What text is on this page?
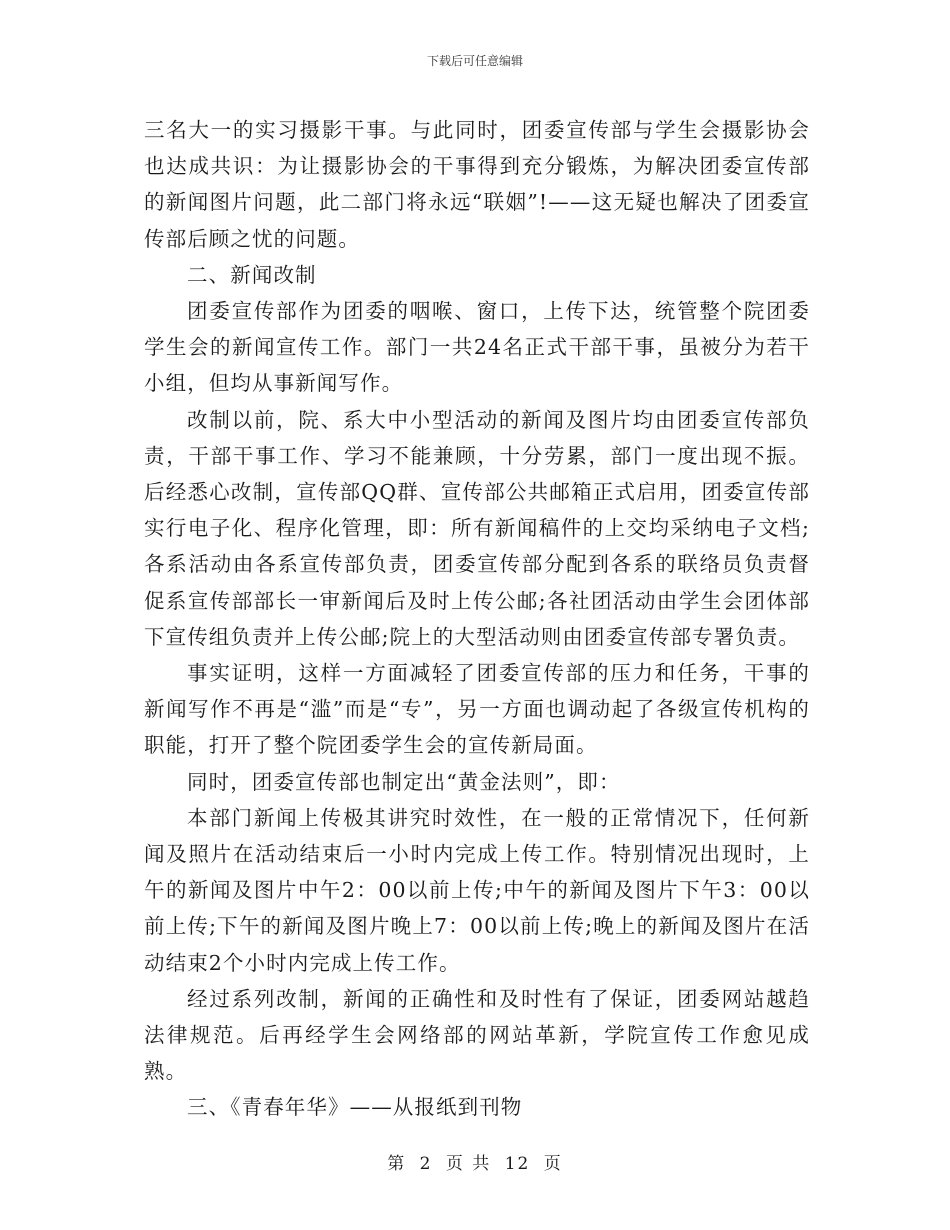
下载后可任意编辑

三名大一的实习摄影干事。与此同时，团委宣传部与学生会摄影协会也达成共识：为让摄影协会的干事得到充分锻炼，为解决团委宣传部的新闻图片问题，此二部门将永远“联姻”!——这无疑也解决了团委宣传部后顾之忧的问题。

二、新闻改制

团委宣传部作为团委的咽喉、窗口，上传下达，统管整个院团委学生会的新闻宣传工作。部门一共24名正式干部干事，虽被分为若干小组，但均从事新闻写作。

改制以前，院、系大中小型活动的新闻及图片均由团委宣传部负责，干部干事工作、学习不能兼顾，十分劳累，部门一度出现不振。后经悉心改制，宣传部QQ群、宣传部公共邮箱正式启用，团委宣传部实行电子化、程序化管理，即：所有新闻稿件的上交均采纳电子文档;各系活动由各系宣传部负责，团委宣传部分配到各系的联络员负责督促系宣传部部长一审新闻后及时上传公邮;各社团活动由学生会团体部下宣传组负责并上传公邮;院上的大型活动则由团委宣传部专署负责。

事实证明，这样一方面减轻了团委宣传部的压力和任务，干事的新闻写作不再是“滥”而是“专”，另一方面也调动起了各级宣传机构的职能，打开了整个院团委学生会的宣传新局面。

同时，团委宣传部也制定出“黄金法则”，即：

本部门新闻上传极其讲究时效性，在一般的正常情况下，任何新闻及照片在活动结束后一小时内完成上传工作。特别情况出现时，上午的新闻及图片中午2：00以前上传;中午的新闻及图片下午3：00以前上传;下午的新闻及图片晚上7：00以前上传;晚上的新闻及图片在活动结束2个小时内完成上传工作。

经过系列改制，新闻的正确性和及时性有了保证，团委网站越趋法律规范。后再经学生会网络部的网站革新，学院宣传工作愈见成熟。

三、《青春年华》——从报纸到刊物

第 2 页 共 12 页
